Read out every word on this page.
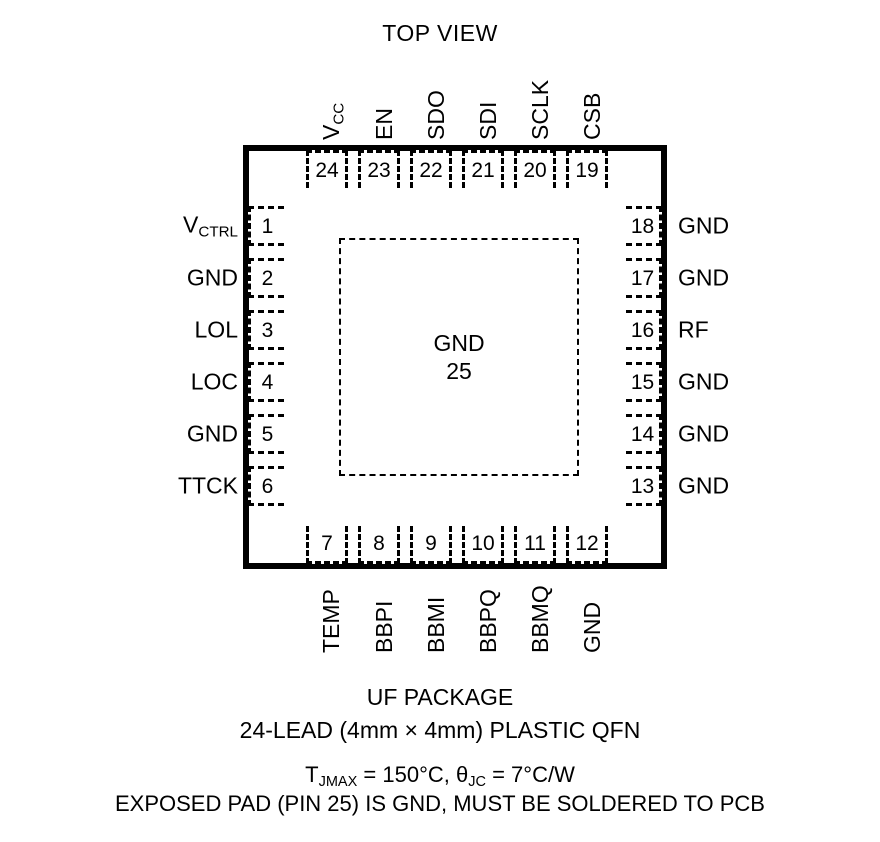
TOP VIEW
GND
25
24 23 22 21 20 19
$V_{CC}$ EN SDO SDI SCLK CSB
1
2
3
4
5
6
$V_{CTRL}$
GND
LOL
LOC
GND
TTCK
18
17
16
15
14
13
GND
GND
RF
GND
GND
GND
7 8 9 10 11 12
TEMP BBPI BBMI BBPQ BBMQ GND
UF PACKAGE
24-LEAD (4mm × 4mm) PLASTIC QFN
$T_{JMAX} = 150^\circ C$, $\theta_{JC} = 7^\circ C/W$
EXPOSED PAD (PIN 25) IS GND, MUST BE SOLDERED TO PCB
